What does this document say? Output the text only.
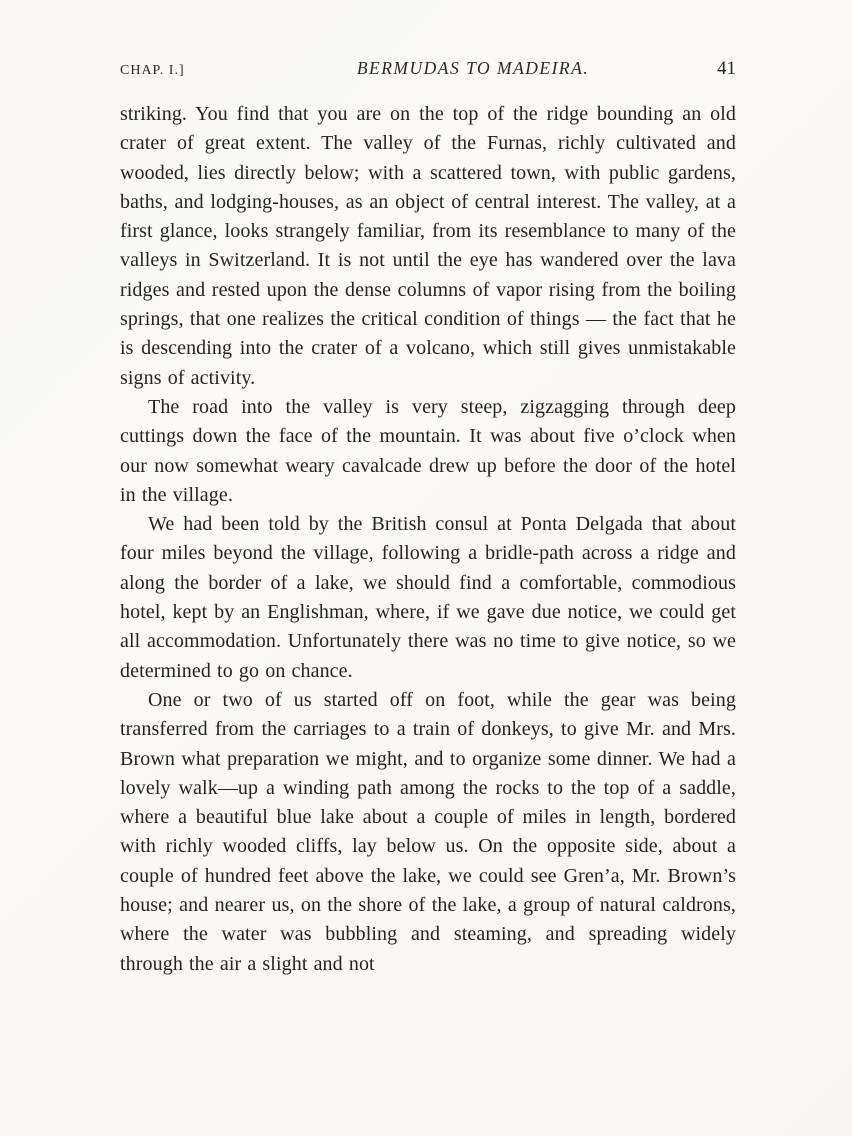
CHAP. I.]	BERMUDAS TO MADEIRA.	41

striking. You find that you are on the top of the ridge bounding an old crater of great extent. The valley of the Furnas, richly cultivated and wooded, lies directly below; with a scattered town, with public gardens, baths, and lodging-houses, as an object of central interest. The valley, at a first glance, looks strangely familiar, from its resemblance to many of the valleys in Switzerland. It is not until the eye has wandered over the lava ridges and rested upon the dense columns of vapor rising from the boiling springs, that one realizes the critical condition of things — the fact that he is descending into the crater of a volcano, which still gives unmistakable signs of activity.

The road into the valley is very steep, zigzagging through deep cuttings down the face of the mountain. It was about five o’clock when our now somewhat weary cavalcade drew up before the door of the hotel in the village.

We had been told by the British consul at Ponta Delgada that about four miles beyond the village, following a bridle-path across a ridge and along the border of a lake, we should find a comfortable, commodious hotel, kept by an Englishman, where, if we gave due notice, we could get all accommodation. Unfortunately there was no time to give notice, so we determined to go on chance.

One or two of us started off on foot, while the gear was being transferred from the carriages to a train of donkeys, to give Mr. and Mrs. Brown what preparation we might, and to organize some dinner. We had a lovely walk—up a winding path among the rocks to the top of a saddle, where a beautiful blue lake about a couple of miles in length, bordered with richly wooded cliffs, lay below us. On the opposite side, about a couple of hundred feet above the lake, we could see Gren’a, Mr. Brown’s house; and nearer us, on the shore of the lake, a group of natural caldrons, where the water was bubbling and steaming, and spreading widely through the air a slight and not
